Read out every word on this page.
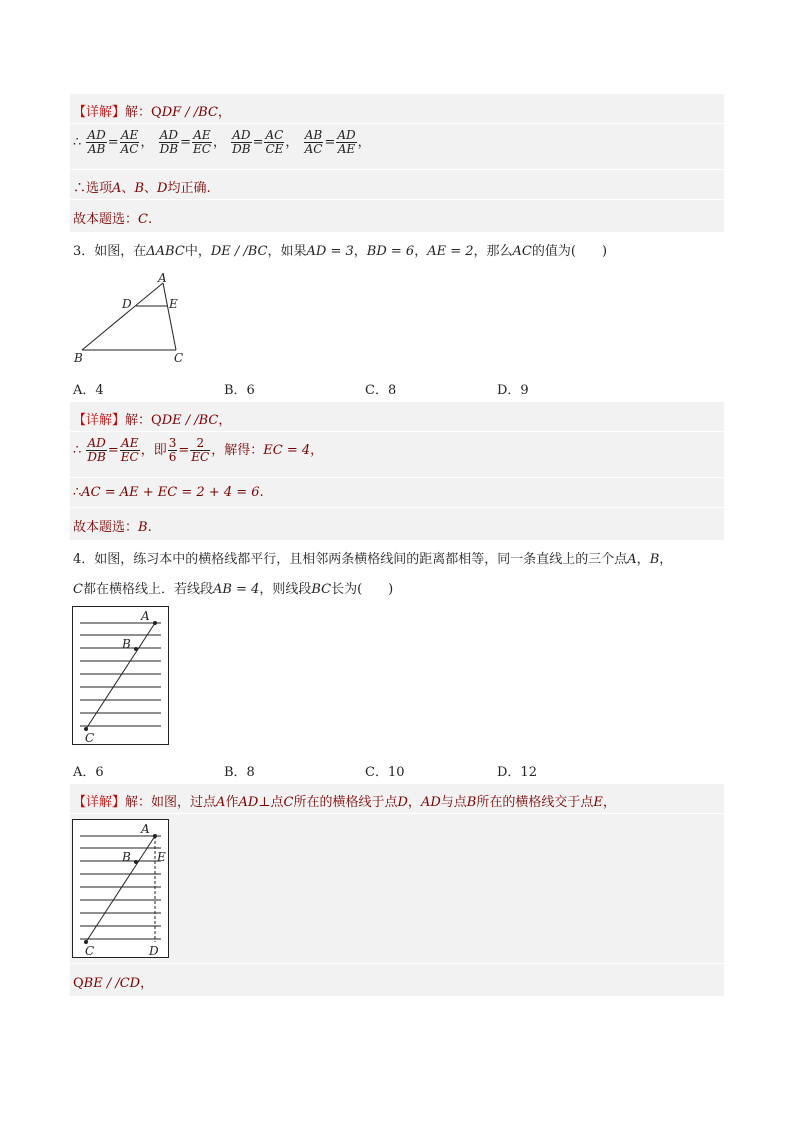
【详解】解：QDF / /BC，
∴ $\frac{AD}{AB} = \frac{AE}{AC}$ ， $\frac{AD}{DB} = \frac{AE}{EC}$ ， $\frac{AD}{DB} = \frac{AC}{CE}$ ， $\frac{AB}{AC} = \frac{AD}{AE}$ ，
∴选项A、B、D均正确.
故本题选：C.
3．如图，在ΔABC中，DE / /BC，如果AD = 3，BD = 6，AE = 2，那么AC的值为(　　)
A
D	E
B	C
A．4	B．6	C．8	D．9
【详解】解：QDE / /BC，
∴ $\frac{AD}{DB} = \frac{AE}{EC}$ ，即 $\frac{3}{6} = \frac{2}{EC}$ ，解得：EC = 4，
∴AC = AE + EC = 2 + 4 = 6.
故本题选：B.
4．如图，练习本中的横格线都平行，且相邻两条横格线间的距离都相等，同一条直线上的三个点A，B，
C都在横格线上．若线段AB = 4，则线段BC长为(　　)
A
B
C
A．6	B．8	C．10	D．12
【详解】解：如图，过点A作AD⊥点C所在的横格线于点D，AD与点B所在的横格线交于点E，
A
B E
C	D
QBE / /CD，
